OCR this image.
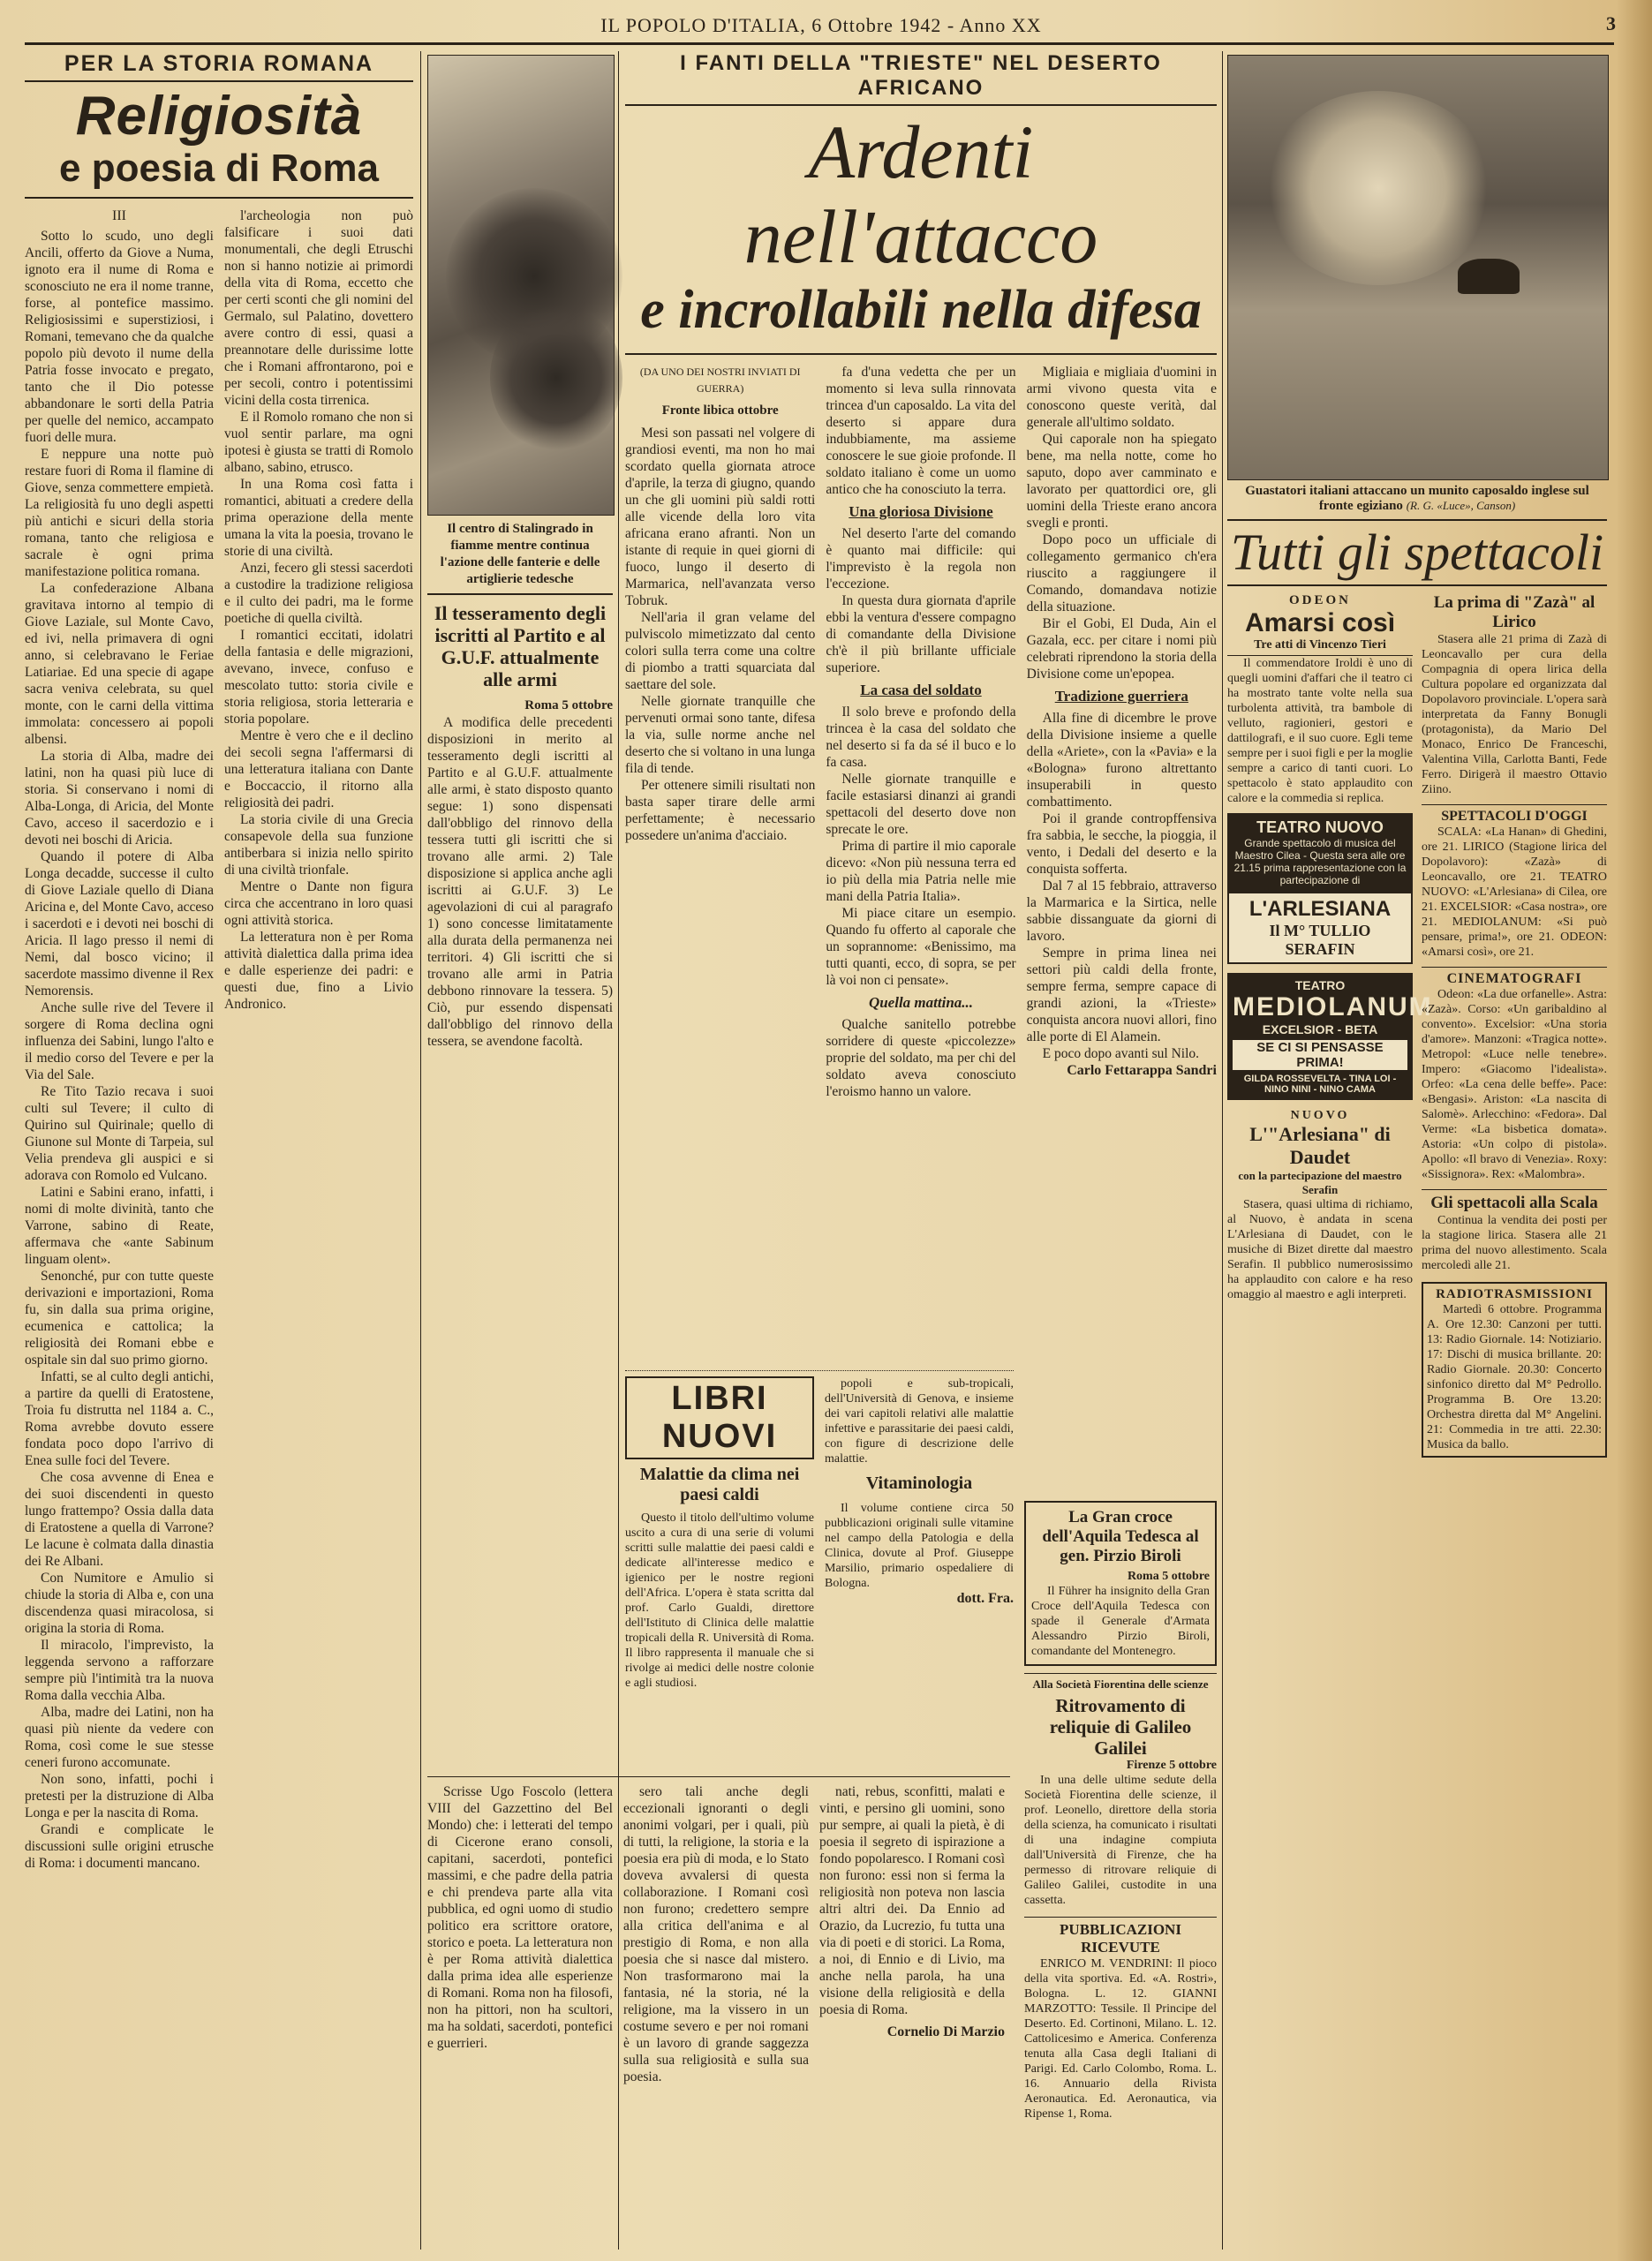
IL POPOLO D'ITALIA, 6 Ottobre 1942 - Anno XX	3
PER LA STORIA ROMANA
Religiosità
e poesia di Roma
III

Sotto lo scudo, uno degli Ancili, offerto da Giove a Numa, ignoto era il nume di Roma e sconosciuto ne era il nome tranne, forse, al pontefice massimo. Religiosissimi e superstiziosi, i Romani, temevano che da qualche popolo più devoto il nume della Patria fosse invocato e pregato, tanto che il Dio potesse abbandonare le sorti della Patria per quelle del nemico, accampato fuori delle mura.

E neppure una notte può restare fuori di Roma il flamine di Giove, senza commettere empietà. La religiosità fu uno degli aspetti più antichi e sicuri della storia romana, tanto che religiosa e sacrale è ogni prima manifestazione politica romana.

La confederazione Albana gravitava intorno al tempio di Giove Laziale, sul Monte Cavo, ed ivi, nella primavera di ogni anno, si celebravano le Feriae Latiariae. Ed una specie di agape sacra veniva celebrata, su quel monte, con le carni della vittima immolata: concessero ai popoli albensi.

La storia di Alba, madre dei latini, non ha quasi più luce di storia. Si conservano i nomi di Alba-Longa, di Aricia, del Monte Cavo, acceso il sacerdozio e i devoti nei boschi di Aricia.

Quando il potere di Alba Longa decadde, successe il culto di Giove Laziale quello di Diana Aricina e, del Monte Cavo, acceso i sacerdoti e i devoti nei boschi di Aricia. Il lago presso il nemi di Nemi, dal bosco vicino; il sacerdote massimo divenne il Rex Nemorensis.

Anche sulle rive del Tevere il sorgere di Roma declina ogni influenza dei Sabini, lungo l'alto e il medio corso del Tevere e per la Via del Sale.

Re Tito Tazio recava i suoi culti sul Tevere; il culto di Quirino sul Quirinale; quello di Giunone sul Monte di Tarpeia, sul Velia prendeva gli auspici e si adorava con Romolo ed Vulcano.

Latini e Sabini erano, infatti, i nomi di molte divinità, tanto che Varrone, sabino di Reate, affermava che «ante Sabinum linguam olent».

Senonché, pur con tutte queste derivazioni e importazioni, Roma fu, sin dalla sua prima origine, ecumenica e cattolica; la religiosità dei Romani ebbe e ospitale sin dal suo primo giorno.

Infatti, se al culto degli antichi, a partire da quelli di Eratostene, Troia fu distrutta nel 1184 a. C., Roma avrebbe dovuto essere fondata poco dopo l'arrivo di Enea sulle foci del Tevere.

Che cosa avvenne di Enea e dei suoi discendenti in questo lungo frattempo? Ossia dalla data di Eratostene a quella di Varrone? Le lacune è colmata dalla dinastia dei Re Albani.

Con Numitore e Amulio si chiude la storia di Alba e, con una discendenza quasi miracolosa, si origina la storia di Roma.

Il miracolo, l'imprevisto, la leggenda servono a rafforzare sempre più l'intimità tra la nuova Roma dalla vecchia Alba.

Alba, madre dei Latini, non ha quasi più niente da vedere con Roma, così come le sue stesse ceneri furono accomunate.

Non sono, infatti, pochi i pretesti per la distruzione di Alba Longa e per la nascita di Roma.

Grandi e complicate le discussioni sulle origini etrusche di Roma: i documenti mancano.

l'archeologia non può falsificare i suoi dati monumentali, che degli Etruschi non si hanno notizie ai primordi della vita di Roma, eccetto che per certi sconti che gli nomini del Germalo, sul Palatino, dovettero avere contro di essi, quasi a preannotare delle durissime lotte che i Romani affrontarono, poi e per secoli, contro i potentissimi vicini della costa tirrenica.

E il Romolo romano che non si vuol sentir parlare, ma ogni ipotesi è giusta se tratti di Romolo albano, sabino, etrusco.

In una Roma così fatta i romantici, abituati a credere della prima operazione della mente umana la vita la poesia, trovano le storie di una civiltà.

Anzi, fecero gli stessi sacerdoti a custodire la tradizione religiosa e il culto dei padri, ma le forme poetiche di quella civiltà.

I romantici eccitati, idolatri della fantasia e delle migrazioni, avevano, invece, confuso e mescolato tutto: storia civile e storia religiosa, storia letteraria e storia popolare.

Mentre è vero che e il declino dei secoli segna l'affermarsi di una letteratura italiana con Dante e Boccaccio, il ritorno alla religiosità dei padri.

La storia civile di una Grecia consapevole della sua funzione antiberbara si inizia nello spirito di una civiltà trionfale.

Mentre o Dante non figura circa che accentrano in loro quasi ogni attività storica.

La letteratura non è per Roma attività dialettica dalla prima idea e dalle esperienze dei padri: e questi due, fino a Livio Andronico.

Il centro di Stalingrado in fiamme mentre continua l'azione delle fanterie e delle artiglierie tedesche
Il tesseramento degli iscritti al Partito e al G.U.F. attualmente alle armi
Roma 5 ottobre

A modifica delle precedenti disposizioni in merito al tesseramento degli iscritti al Partito e al G.U.F. attualmente alle armi, è stato disposto quanto segue: 1) sono dispensati dall'obbligo del rinnovo della tessera tutti gli iscritti che si trovano alle armi. 2) Tale disposizione si applica anche agli iscritti ai G.U.F. 3) Le agevolazioni di cui al paragrafo 1) sono concesse limitatamente alla durata della permanenza nei territori. 4) Gli iscritti che si trovano alle armi in Patria debbono rinnovare la tessera. 5) Ciò, pur essendo dispensati dall'obbligo del rinnovo della tessera, se avendone facoltà.

I FANTI DELLA "TRIESTE" NEL DESERTO AFRICANO
Ardenti nell'attacco
e incrollabili nella difesa
(DA UNO DEI NOSTRI INVIATI DI GUERRA)
Fronte libica ottobre

Mesi son passati nel volgere di grandiosi eventi, ma non ho mai scordato quella giornata atroce d'aprile, la terza di giugno, quando un che gli uomini più saldi rotti alle vicende della loro vita africana erano afranti. Non un istante di requie in quei giorni di fuoco, lungo il deserto di Marmarica, nell'avanzata verso Tobruk.

Nell'aria il gran velame del pulviscolo mimetizzato dal cento colori sulla terra come una coltre di piombo a tratti squarciata dal saettare del sole.

Nelle giornate tranquille che pervenuti ormai sono tante, difesa la via, sulle norme anche nel deserto che si voltano in una lunga fila di tende.

Per ottenere simili risultati non basta saper tirare delle armi perfettamente; è necessario possedere un'anima d'acciaio.

fa d'una vedetta che per un momento si leva sulla rinnovata trincea d'un caposaldo. La vita del deserto si appare dura indubbiamente, ma assieme conoscere le sue gioie profonde. Il soldato italiano è come un uomo antico che ha conosciuto la terra.

Una gloriosa Divisione

Nel deserto l'arte del comando è quanto mai difficile: qui l'imprevisto è la regola non l'eccezione.

In questa dura giornata d'aprile ebbi la ventura d'essere compagno di comandante della Divisione ch'è il più brillante ufficiale superiore.

La casa del soldato

Il solo breve e profondo della trincea è la casa del soldato che nel deserto si fa da sé il buco e lo fa casa.

Nelle giornate tranquille e facile estasiarsi dinanzi ai grandi spettacoli del deserto dove non sprecate le ore.

Prima di partire il mio caporale dicevo: «Non più nessuna terra ed io più della mia Patria nelle mie mani della Patria Italia».

Mi piace citare un esempio. Quando fu offerto al caporale che un soprannome: «Benissimo, ma tutti quanti, ecco, di sopra, se per là voi non ci pensate».

Quella mattina...

Qualche sanitello potrebbe sorridere di queste «piccolezze» proprie del soldato, ma per chi del soldato aveva conosciuto l'eroismo hanno un valore.

Migliaia e migliaia d'uomini in armi vivono questa vita e conoscono queste verità, dal generale all'ultimo soldato.

Qui caporale non ha spiegato bene, ma nella notte, come ho saputo, dopo aver camminato e lavorato per quattordici ore, gli uomini della Trieste erano ancora svegli e pronti.

Dopo poco un ufficiale di collegamento germanico ch'era riuscito a raggiungere il Comando, domandava notizie della situazione.

Bir el Gobi, El Duda, Ain el Gazala, ecc. per citare i nomi più celebrati riprendono la storia della Divisione come un'epopea.

Tradizione guerriera

Alla fine di dicembre le prove della Divisione insieme a quelle della «Ariete», con la «Pavia» e la «Bologna» furono altrettanto insuperabili in questo combattimento.

Poi il grande contropffensiva fra sabbia, le secche, la pioggia, il vento, i Dedali del deserto e la conquista sofferta.

Dal 7 al 15 febbraio, attraverso la Marmarica e la Sirtica, nelle sabbie dissanguate da giorni di lavoro.

Sempre in prima linea nei settori più caldi della fronte, sempre ferma, sempre capace di grandi azioni, la «Trieste» conquista ancora nuovi allori, fino alle porte di El Alamein.

E poco dopo avanti sul Nilo.

Carlo Fettarappa Sandri
LIBRI NUOVI
Malattie da clima nei paesi caldi

Questo il titolo dell'ultimo volume uscito a cura di una serie di volumi scritti sulle malattie dei paesi caldi e dedicate all'interesse medico e igienico per le nostre regioni dell'Africa. L'opera è stata scritta dal prof. Carlo Gualdi, direttore dell'Istituto di Clinica delle malattie tropicali della R. Università di Roma. Il libro rappresenta il manuale che si rivolge ai medici delle nostre colonie e agli studiosi.

popoli e sub-tropicali, dell'Università di Genova, e insieme dei vari capitoli relativi alle malattie infettive e parassitarie dei paesi caldi, con figure di descrizione delle malattie.

Vitaminologia

Il volume contiene circa 50 pubblicazioni originali sulle vitamine nel campo della Patologia e della Clinica, dovute al Prof. Giuseppe Marsilio, primario ospedaliere di Bologna.

dott. Fra.
La Gran croce dell'Aquila Tedesca al gen. Pirzio Biroli
Roma 5 ottobre

Il Führer ha insignito della Gran Croce dell'Aquila Tedesca con spade il Generale d'Armata Alessandro Pirzio Biroli, comandante del Montenegro.

Alla Società Fiorentina delle scienze
Ritrovamento di reliquie di Galileo Galilei
Firenze 5 ottobre

In una delle ultime sedute della Società Fiorentina delle scienze, il prof. Leonello, direttore della storia della scienza, ha comunicato i risultati di una indagine compiuta dall'Università di Firenze, che ha permesso di ritrovare reliquie di Galileo Galilei, custodite in una cassetta.

PUBBLICAZIONI RICEVUTE

ENRICO M. VENDRINI: Il pioco della vita sportiva. Ed. «A. Rostri», Bologna. L. 12. GIANNI MARZOTTO: Tessile. Il Principe del Deserto. Ed. Cortinoni, Milano. L. 12. Cattolicesimo e America. Conferenza tenuta alla Casa degli Italiani di Parigi. Ed. Carlo Colombo, Roma. L. 16. Annuario della Rivista Aeronautica. Ed. Aeronautica, via Ripense 1, Roma.

Scrisse Ugo Foscolo (lettera VIII del Gazzettino del Bel Mondo) che: i letterati del tempo di Cicerone erano consoli, capitani, sacerdoti, pontefici massimi, e che padre della patria e chi prendeva parte alla vita pubblica, ed ogni uomo di studio politico era scrittore oratore, storico e poeta. La letteratura non è per Roma attività dialettica dalla prima idea alle esperienze di Romani. Roma non ha filosofi, non ha pittori, non ha scultori, ma ha soldati, sacerdoti, pontefici e guerrieri.

sero tali anche degli eccezionali ignoranti o degli anonimi volgari, per i quali, più di tutti, la religione, la storia e la poesia era più di moda, e lo Stato doveva avvalersi di questa collaborazione. I Romani così non furono; credettero sempre alla critica dell'anima e al prestigio di Roma, e non alla poesia che si nasce dal mistero. Non trasformarono mai la fantasia, né la storia, né la religione, ma la vissero in un costume severo e per noi romani è un lavoro di grande saggezza sulla sua religiosità e sulla sua poesia.

nati, rebus, sconfitti, malati e vinti, e persino gli uomini, sono pur sempre, ai quali la pietà, è di poesia il segreto di ispirazione a fondo popolaresco. I Romani così non furono: essi non si ferma la religiosità non poteva non lascia altri altri dei. Da Ennio ad Orazio, da Lucrezio, fu tutta una via di poeti e di storici. La Roma, a noi, di Ennio e di Livio, ma anche nella parola, ha una visione della religiosità e della poesia di Roma.

Cornelio Di Marzio
Guastatori italiani attaccano un munito caposaldo inglese sul fronte egiziano (R. G. «Luce», Canson)
Tutti gli spettacoli
ODEON
Amarsi così
Tre atti di Vincenzo Tieri

Il commendatore Iroldi è uno di quegli uomini d'affari che il teatro ci ha mostrato tante volte nella sua turbolenta attività, tra bambole di velluto, ragionieri, gestori e dattilografi, e il suo cuore. Egli teme sempre per i suoi figli e per la moglie sempre a carico di tanti cuori. Lo spettacolo è stato applaudito con calore e la commedia si replica.

TEATRO NUOVO
Grande spettacolo di musica del Maestro Cilea - Questa sera alle ore 21.15 prima rappresentazione con la partecipazione di
L'ARLESIANA
Il M° TULLIO SERAFIN
TEATRO
MEDIOLANUM
EXCELSIOR - BETA
SE CI SI PENSASSE PRIMA!
GILDA ROSSEVELTA - TINA LOI - NINO NINI - NINO CAMA
NUOVO
L'"Arlesiana" di Daudet
con la partecipazione del maestro Serafin

Stasera, quasi ultima di richiamo, al Nuovo, è andata in scena L'Arlesiana di Daudet, con le musiche di Bizet dirette dal maestro Serafin. Il pubblico numerosissimo ha applaudito con calore e ha reso omaggio al maestro e agli interpreti.

La prima di "Zazà" al Lirico

Stasera alle 21 prima di Zazà di Leoncavallo per cura della Compagnia di opera lirica della Cultura popolare ed organizzata dal Dopolavoro provinciale. L'opera sarà interpretata da Fanny Bonugli (protagonista), da Mario Del Monaco, Enrico De Franceschi, Valentina Villa, Carlotta Banti, Fede Ferro. Dirigerà il maestro Ottavio Ziino.

SPETTACOLI D'OGGI

SCALA: «La Hanan» di Ghedini, ore 21. LIRICO (Stagione lirica del Dopolavoro): «Zazà» di Leoncavallo, ore 21. TEATRO NUOVO: «L'Arlesiana» di Cilea, ore 21. EXCELSIOR: «Casa nostra», ore 21. MEDIOLANUM: «Si può pensare, prima!», ore 21. ODEON: «Amarsi così», ore 21.

CINEMATOGRAFI

Odeon: «La due orfanelle». Astra: «Zazà». Corso: «Un garibaldino al convento». Excelsior: «Una storia d'amore». Manzoni: «Tragica notte». Metropol: «Luce nelle tenebre». Impero: «Giacomo l'idealista». Orfeo: «La cena delle beffe». Pace: «Bengasi». Ariston: «La nascita di Salomè». Arlecchino: «Fedora». Dal Verme: «La bisbetica domata». Astoria: «Un colpo di pistola». Apollo: «Il bravo di Venezia». Roxy: «Sissignora». Rex: «Malombra».

Gli spettacoli alla Scala

Continua la vendita dei posti per la stagione lirica. Stasera alle 21 prima del nuovo allestimento. Scala mercoledì alle 21.

RADIOTRASMISSIONI

Martedì 6 ottobre. Programma A. Ore 12.30: Canzoni per tutti. 13: Radio Giornale. 14: Notiziario. 17: Dischi di musica brillante. 20: Radio Giornale. 20.30: Concerto sinfonico diretto dal M° Pedrollo. Programma B. Ore 13.20: Orchestra diretta dal M° Angelini. 21: Commedia in tre atti. 22.30: Musica da ballo.
